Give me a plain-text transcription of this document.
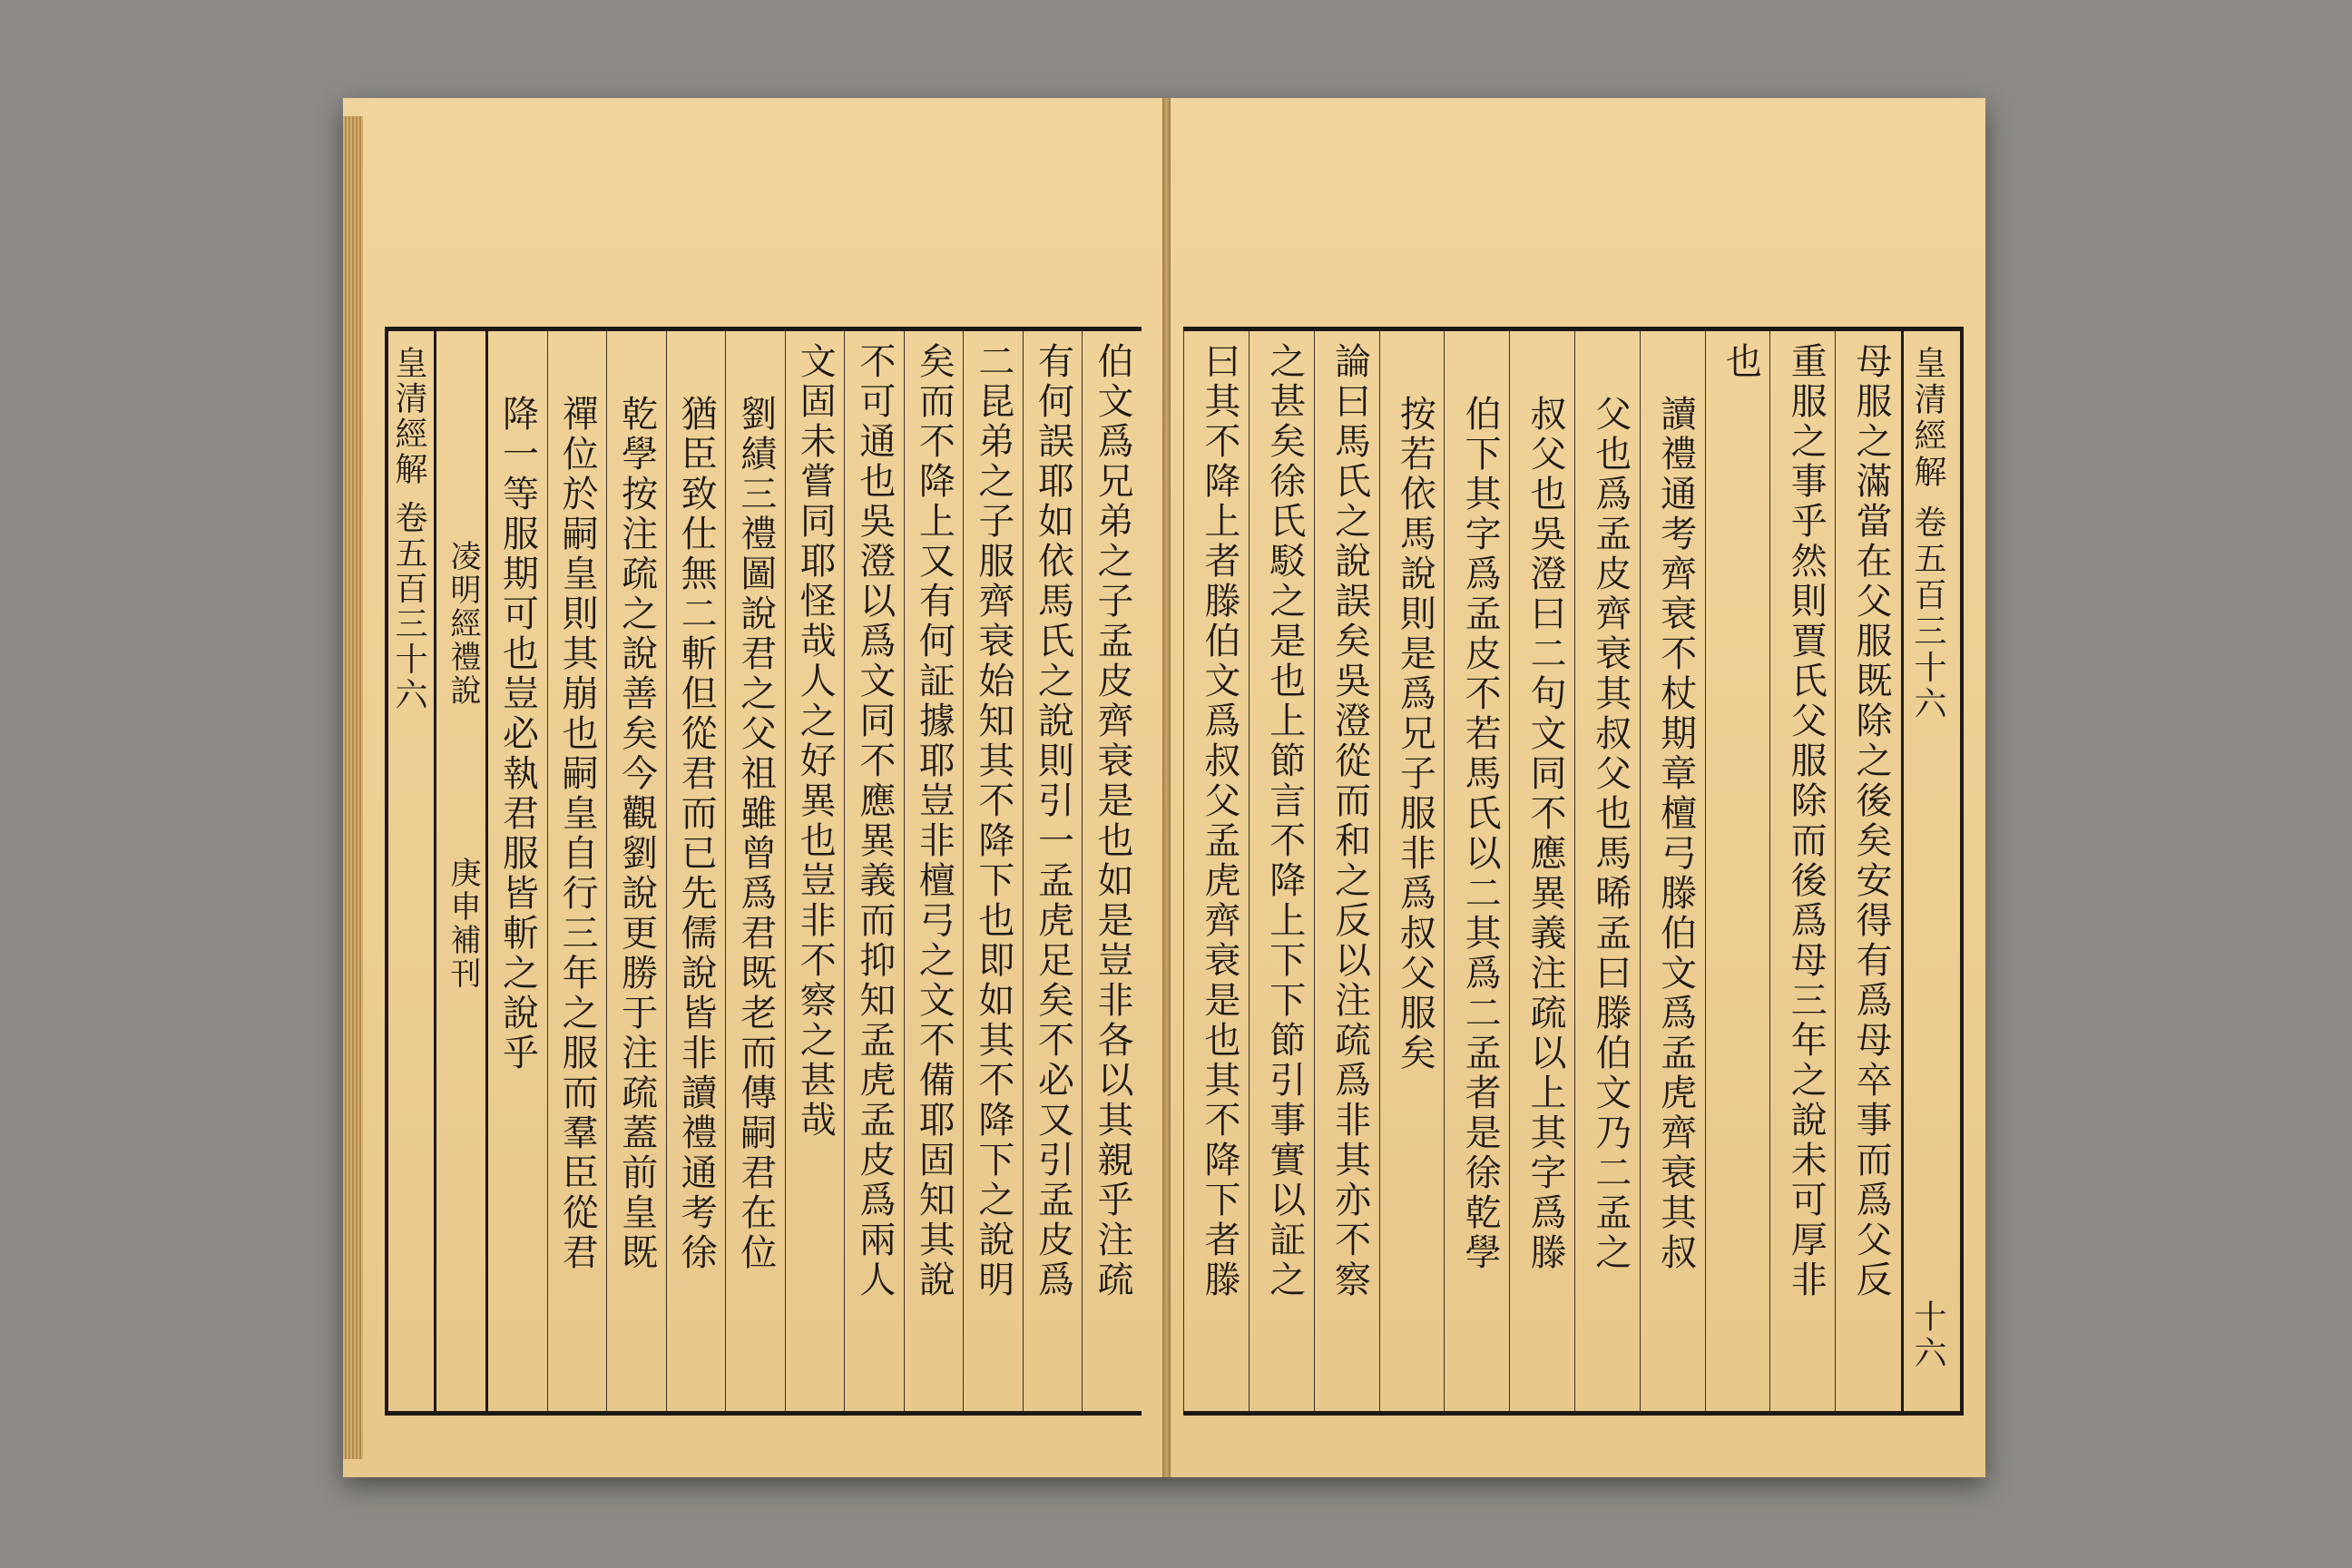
皇清經解 卷五百三十六 凌明經禮說 庚申補刊	伯文爲兄弟之子孟皮齊衰是也如是豈非各以其親乎注疏
有何誤耶如依馬氏之說則引一孟虎足矣不必又引孟皮爲
二昆弟之子服齊衰始知其不降下也即如其不降下之說明
矣而不降上又有何証據耶豈非檀弓之文不備耶固知其說
不可通也吳澄以爲文同不應異義而抑知孟虎孟皮爲兩人
文固未嘗同耶怪哉人之好異也豈非不察之甚哉
劉績三禮圖說君之父祖雖曾爲君既老而傳嗣君在位
猶臣致仕無二斬但從君而已先儒說皆非讀禮通考徐
乾學按注疏之說善矣今觀劉說更勝于注疏蓋前皇既
禪位於嗣皇則其崩也嗣皇自行三年之服而羣臣從君
降一等服期可也豈必執君服皆斬之說乎	皇清經解 卷五百三十六 十六
母服之滿當在父服既除之後矣安得有爲母卒事而爲父反
重服之事乎然則賈氏父服除而後爲母三年之說未可厚非
也
讀禮通考齊衰不杖期章檀弓滕伯文爲孟虎齊衰其叔
父也爲孟皮齊衰其叔父也馬晞孟曰滕伯文乃二孟之
叔父也吳澄曰二句文同不應異義注疏以上其字爲滕
伯下其字爲孟皮不若馬氏以二其爲二孟者是徐乾學
按若依馬說則是爲兄子服非爲叔父服矣
論曰馬氏之說誤矣吳澄從而和之反以注疏爲非其亦不察
之甚矣徐氏駁之是也上節言不降上下下節引事實以証之
曰其不降上者滕伯文爲叔父孟虎齊衰是也其不降下者滕
